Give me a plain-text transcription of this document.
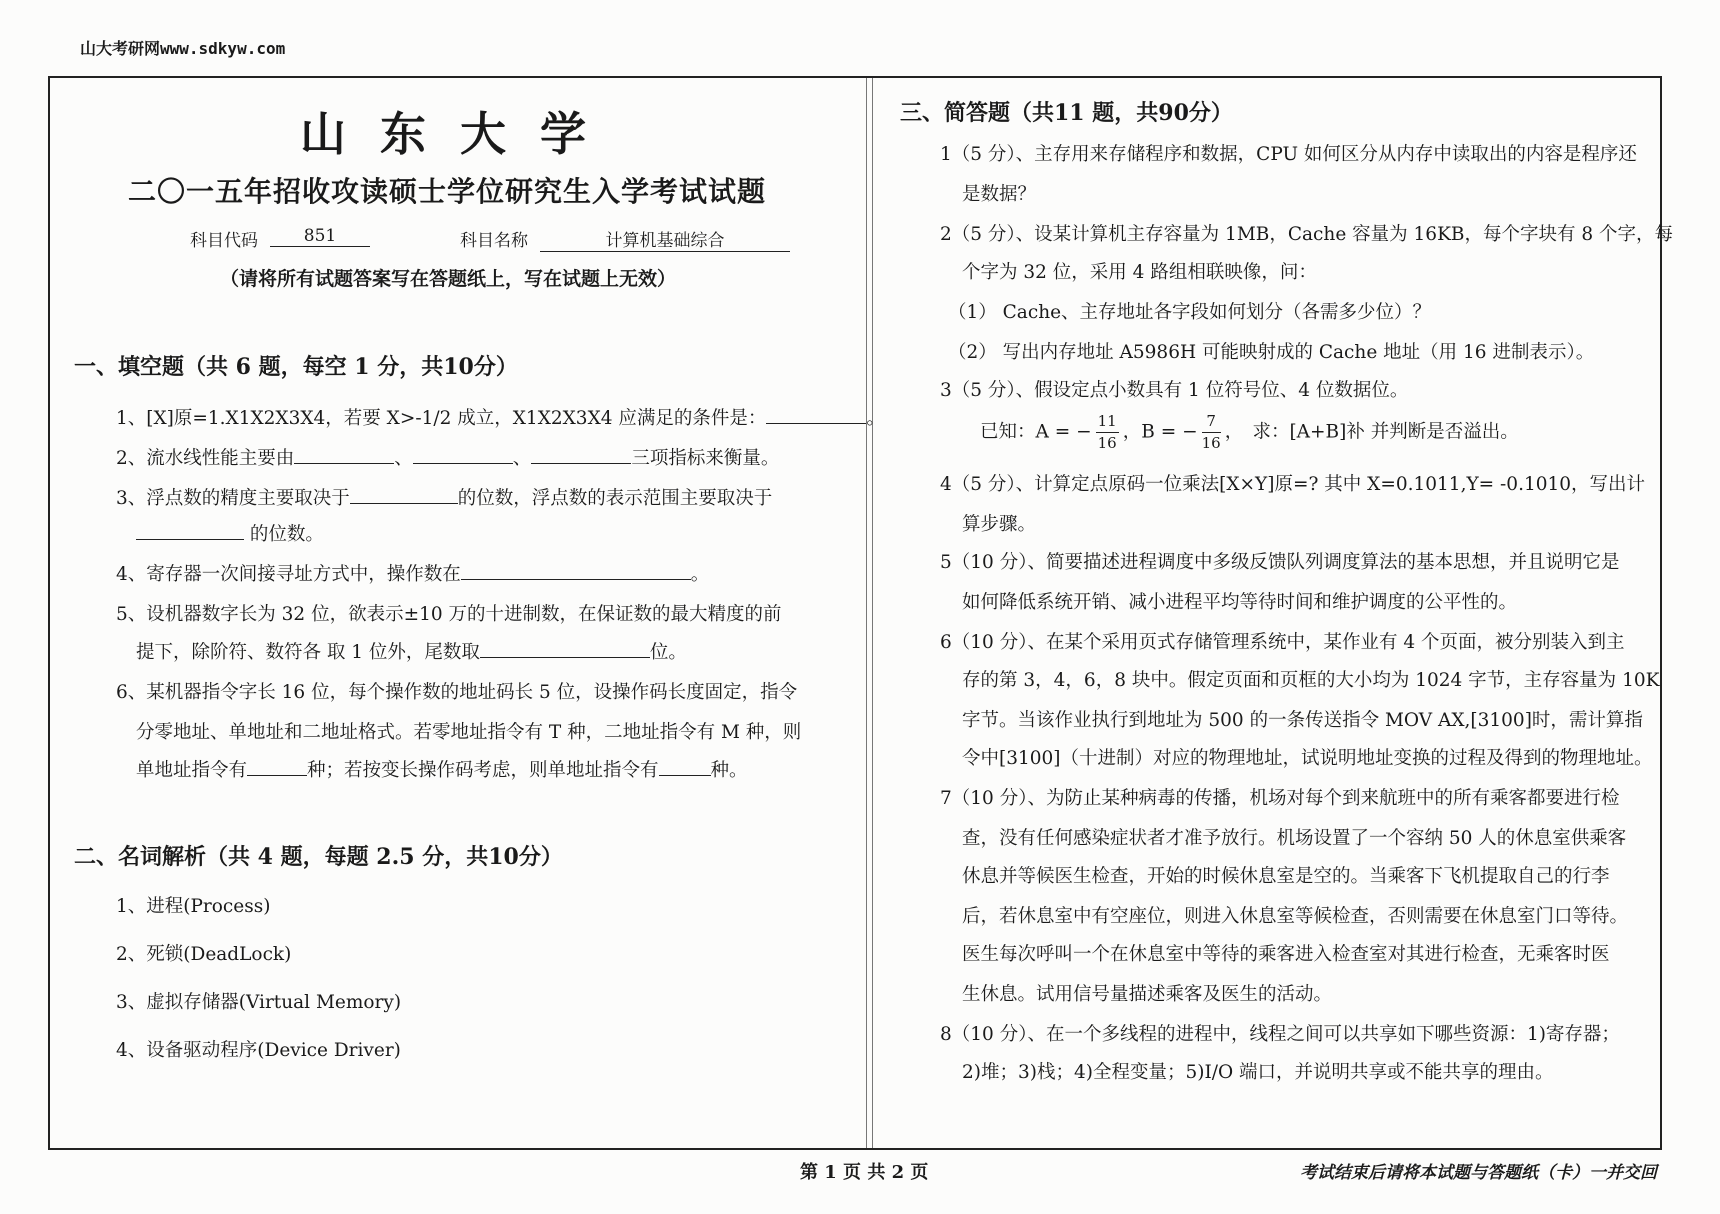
山大考研网www.sdkyw.com
山东大学
二〇一五年招收攻读硕士学位研究生入学考试试题
科目代码	851	科目名称	计算机基础综合
（请将所有试题答案写在答题纸上，写在试题上无效）
一、填空题（共 6 题，每空 1 分，共10分）
1、[X]原=1.X1X2X3X4，若要 X>-1/2 成立，X1X2X3X4 应满足的条件是：	。
2、流水线性能主要由	、	、	三项指标来衡量。
3、浮点数的精度主要取决于	的位数，浮点数的表示范围主要取决于
的位数。
4、寄存器一次间接寻址方式中，操作数在	。
5、设机器数字长为 32 位，欲表示±10 万的十进制数，在保证数的最大精度的前
提下，除阶符、数符各 取 1 位外，尾数取	位。
6、某机器指令字长 16 位，每个操作数的地址码长 5 位，设操作码长度固定，指令
分零地址、单地址和二地址格式。若零地址指令有 T 种，二地址指令有 M 种，则
单地址指令有	种；若按变长操作码考虑，则单地址指令有	种。
二、名词解析（共 4 题，每题 2.5 分，共10分）
1、进程(Process)
2、死锁(DeadLock)
3、虚拟存储器(Virtual Memory)
4、设备驱动程序(Device Driver)
三、简答题（共11 题，共90分）
1（5 分）、主存用来存储程序和数据，CPU 如何区分从内存中读取出的内容是程序还
是数据？
2（5 分）、设某计算机主存容量为 1MB，Cache 容量为 16KB，每个字块有 8 个字，每
个字为 32 位，采用 4 路组相联映像，问：
（1） Cache、主存地址各字段如何划分（各需多少位）？
（2） 写出内存地址 A5986H 可能映射成的 Cache 地址（用 16 进制表示）。
3（5 分）、假设定点小数具有 1 位符号位、4 位数据位。
已知：A = − $\frac{11}{16}$ ，B = − $\frac{7}{16}$ ，　求：[A+B]补 并判断是否溢出。
4（5 分）、计算定点原码一位乘法[X×Y]原=? 其中 X=0.1011,Y= -0.1010，写出计
算步骤。
5（10 分）、简要描述进程调度中多级反馈队列调度算法的基本思想，并且说明它是
如何降低系统开销、减小进程平均等待时间和维护调度的公平性的。
6（10 分）、在某个采用页式存储管理系统中，某作业有 4 个页面，被分别装入到主
存的第 3，4，6，8 块中。假定页面和页框的大小均为 1024 字节，主存容量为 10K
字节。当该作业执行到地址为 500 的一条传送指令 MOV AX,[3100]时，需计算指
令中[3100]（十进制）对应的物理地址，试说明地址变换的过程及得到的物理地址。
7（10 分）、为防止某种病毒的传播，机场对每个到来航班中的所有乘客都要进行检
查，没有任何感染症状者才准予放行。机场设置了一个容纳 50 人的休息室供乘客
休息并等候医生检查，开始的时候休息室是空的。当乘客下飞机提取自己的行李
后，若休息室中有空座位，则进入休息室等候检查，否则需要在休息室门口等待。
医生每次呼叫一个在休息室中等待的乘客进入检查室对其进行检查，无乘客时医
生休息。试用信号量描述乘客及医生的活动。
8（10 分）、在一个多线程的进程中，线程之间可以共享如下哪些资源：1)寄存器；
2)堆；3)栈；4)全程变量；5)I/O 端口，并说明共享或不能共享的理由。
第 1 页 共 2 页	考试结束后请将本试题与答题纸（卡）一并交回
